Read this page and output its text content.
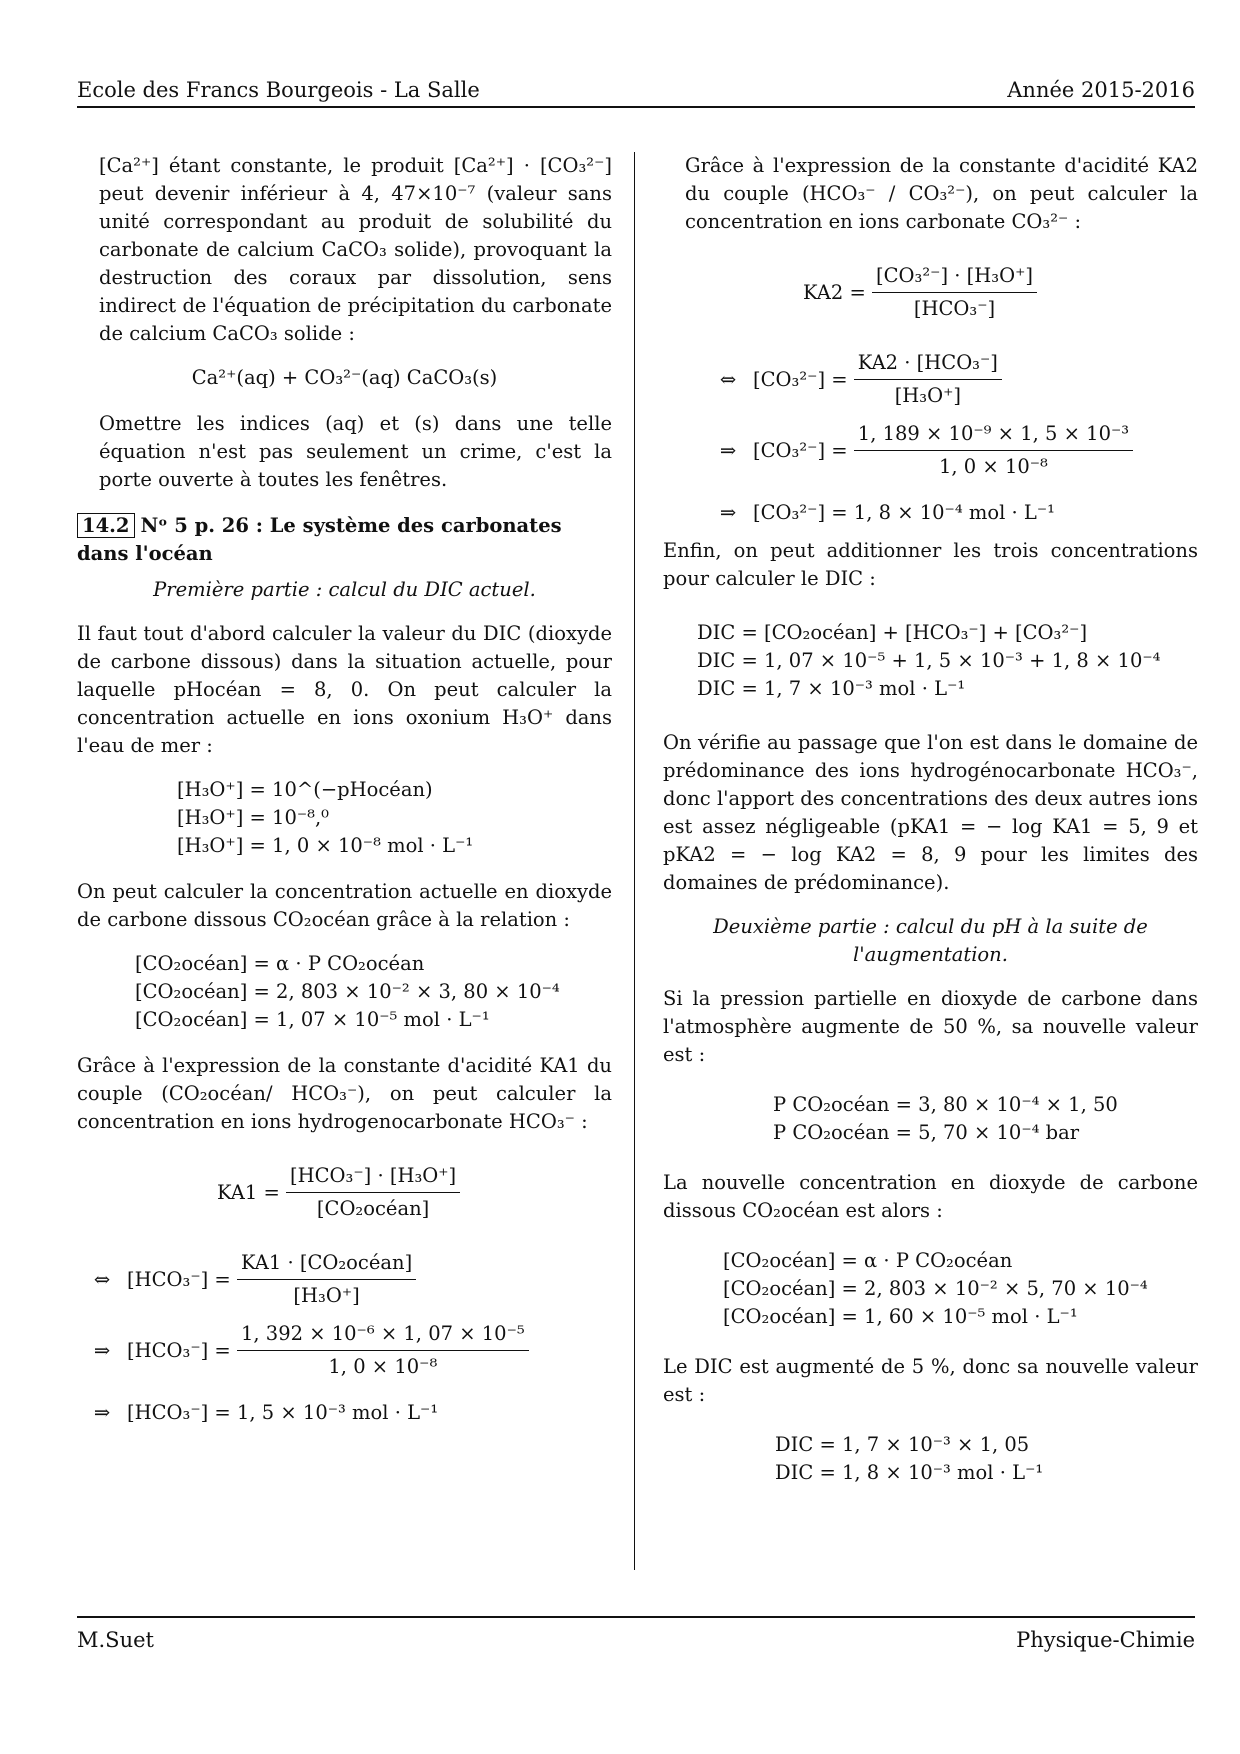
Ecole des Francs Bourgeois - La Salle	Année 2015-2016

[Ca²⁺] étant constante, le produit [Ca²⁺] · [CO₃²⁻] peut devenir inférieur à 4, 47×10⁻⁷ (valeur sans unité correspondant au produit de solubilité du carbonate de calcium CaCO₃ solide), provoquant la destruction des coraux par dissolution, sens indirect de l'équation de précipitation du carbonate de calcium CaCO₃ solide :

Ca²⁺(aq) + CO₃²⁻(aq) CaCO₃(s)

Omettre les indices (aq) et (s) dans une telle équation n'est pas seulement un crime, c'est la porte ouverte à toutes les fenêtres.

14.2 Nᵒ 5 p. 26 : Le système des carbonates dans l'océan

Première partie : calcul du DIC actuel.

Il faut tout d'abord calculer la valeur du DIC (dioxyde de carbone dissous) dans la situation actuelle, pour laquelle pHocéan = 8, 0. On peut calculer la concentration actuelle en ions oxonium H₃O⁺ dans l'eau de mer :

[H₃O⁺] = 10^(−pHocéan)
[H₃O⁺] = 10⁻⁸,⁰
[H₃O⁺] = 1, 0 × 10⁻⁸ mol · L⁻¹

On peut calculer la concentration actuelle en dioxyde de carbone dissous CO₂océan grâce à la relation :

[CO₂océan] = α · P CO₂océan
[CO₂océan] = 2, 803 × 10⁻² × 3, 80 × 10⁻⁴
[CO₂océan] = 1, 07 × 10⁻⁵ mol · L⁻¹

Grâce à l'expression de la constante d'acidité KA1 du couple (CO₂océan/ HCO₃⁻), on peut calculer la concentration en ions hydrogenocarbonate HCO₃⁻ :

KA1 =
$\frac{\text{[HCO₃⁻] · [H₃O⁺]}}{\text{[CO₂océan]}}$
⇔ [HCO₃⁻] =
$\frac{\text{KA1 · [CO₂océan]}}{\text{[H₃O⁺]}}$
⇒ [HCO₃⁻] =
$\frac{\text{1, 392 × 10⁻⁶ × 1, 07 × 10⁻⁵}}{\text{1, 0 × 10⁻⁸}}$
⇒ [HCO₃⁻] = 1, 5 × 10⁻³ mol · L⁻¹

Grâce à l'expression de la constante d'acidité KA2 du couple (HCO₃⁻ / CO₃²⁻), on peut calculer la concentration en ions carbonate CO₃²⁻ :

KA2 =
$\frac{\text{[CO₃²⁻] · [H₃O⁺]}}{\text{[HCO₃⁻]}}$
⇔ [CO₃²⁻] =
$\frac{\text{KA2 · [HCO₃⁻]}}{\text{[H₃O⁺]}}$
⇒ [CO₃²⁻] =
$\frac{\text{1, 189 × 10⁻⁹ × 1, 5 × 10⁻³}}{\text{1, 0 × 10⁻⁸}}$
⇒ [CO₃²⁻] = 1, 8 × 10⁻⁴ mol · L⁻¹

Enfin, on peut additionner les trois concentrations pour calculer le DIC :

DIC = [CO₂océan] + [HCO₃⁻] + [CO₃²⁻]
DIC = 1, 07 × 10⁻⁵ + 1, 5 × 10⁻³ + 1, 8 × 10⁻⁴
DIC = 1, 7 × 10⁻³ mol · L⁻¹

On vérifie au passage que l'on est dans le domaine de prédominance des ions hydrogénocarbonate HCO₃⁻, donc l'apport des concentrations des deux autres ions est assez négligeable (pKA1 = − log KA1 = 5, 9 et pKA2 = − log KA2 = 8, 9 pour les limites des domaines de prédominance).

Deuxième partie : calcul du pH à la suite de l'augmentation.

Si la pression partielle en dioxyde de carbone dans l'atmosphère augmente de 50 %, sa nouvelle valeur est :

P CO₂océan = 3, 80 × 10⁻⁴ × 1, 50
P CO₂océan = 5, 70 × 10⁻⁴ bar

La nouvelle concentration en dioxyde de carbone dissous CO₂océan est alors :

[CO₂océan] = α · P CO₂océan
[CO₂océan] = 2, 803 × 10⁻² × 5, 70 × 10⁻⁴
[CO₂océan] = 1, 60 × 10⁻⁵ mol · L⁻¹

Le DIC est augmenté de 5 %, donc sa nouvelle valeur est :

DIC = 1, 7 × 10⁻³ × 1, 05
DIC = 1, 8 × 10⁻³ mol · L⁻¹
M.Suet	Physique-Chimie
